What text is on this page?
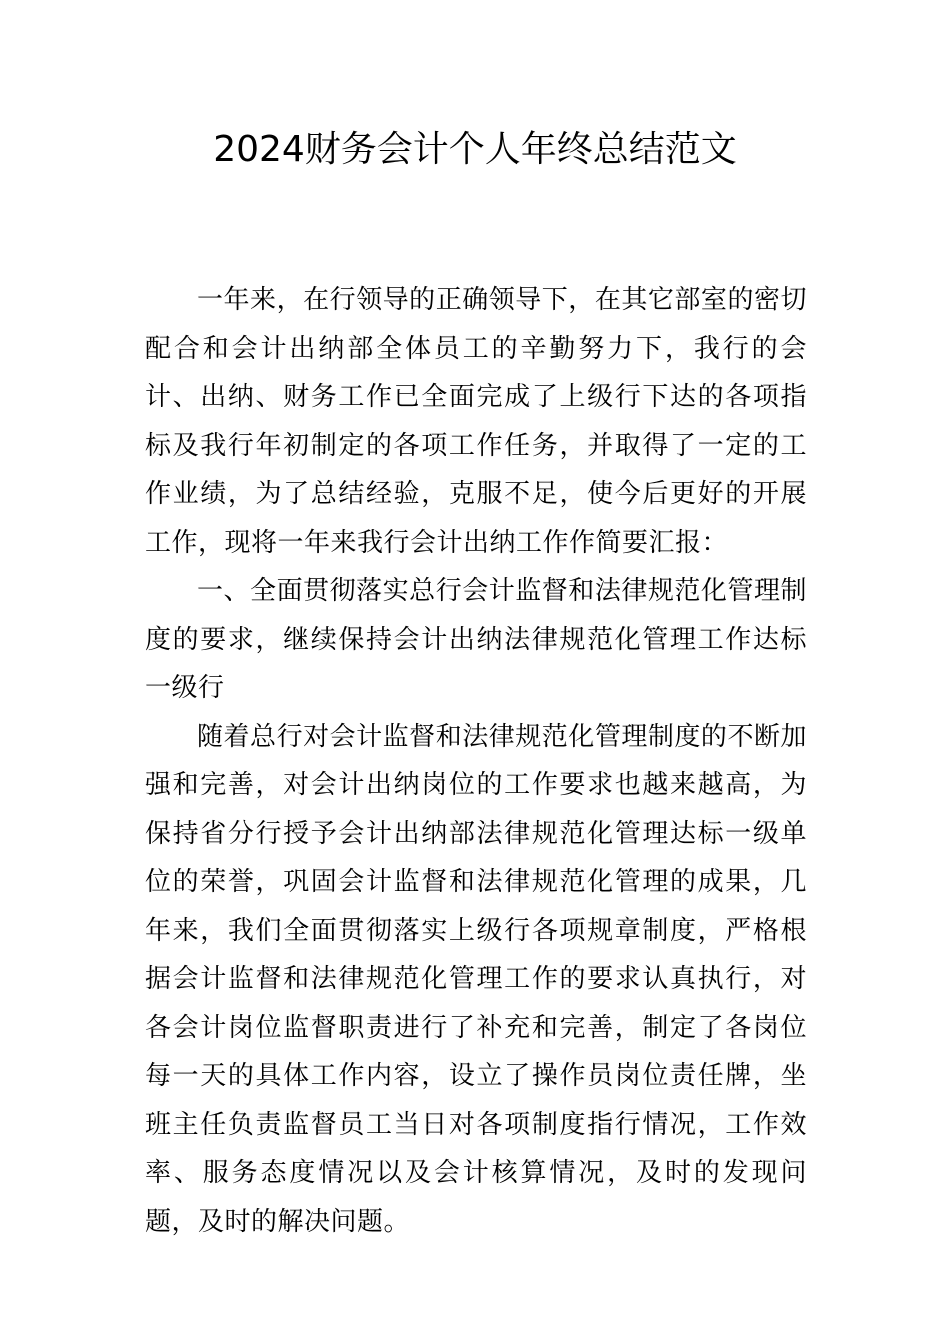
2024财务会计个人年终总结范文

一年来，在行领导的正确领导下，在其它部室的密切配合和会计出纳部全体员工的辛勤努力下，我行的会计、出纳、财务工作已全面完成了上级行下达的各项指标及我行年初制定的各项工作任务，并取得了一定的工作业绩，为了总结经验，克服不足，使今后更好的开展工作，现将一年来我行会计出纳工作作简要汇报：

一、全面贯彻落实总行会计监督和法律规范化管理制度的要求，继续保持会计出纳法律规范化管理工作达标一级行

随着总行对会计监督和法律规范化管理制度的不断加强和完善，对会计出纳岗位的工作要求也越来越高，为保持省分行授予会计出纳部法律规范化管理达标一级单位的荣誉，巩固会计监督和法律规范化管理的成果，几年来，我们全面贯彻落实上级行各项规章制度，严格根据会计监督和法律规范化管理工作的要求认真执行，对各会计岗位监督职责进行了补充和完善，制定了各岗位每一天的具体工作内容，设立了操作员岗位责任牌，坐班主任负责监督员工当日对各项制度指行情况，工作效率、服务态度情况以及会计核算情况，及时的发现问题，及时的解决问题。
